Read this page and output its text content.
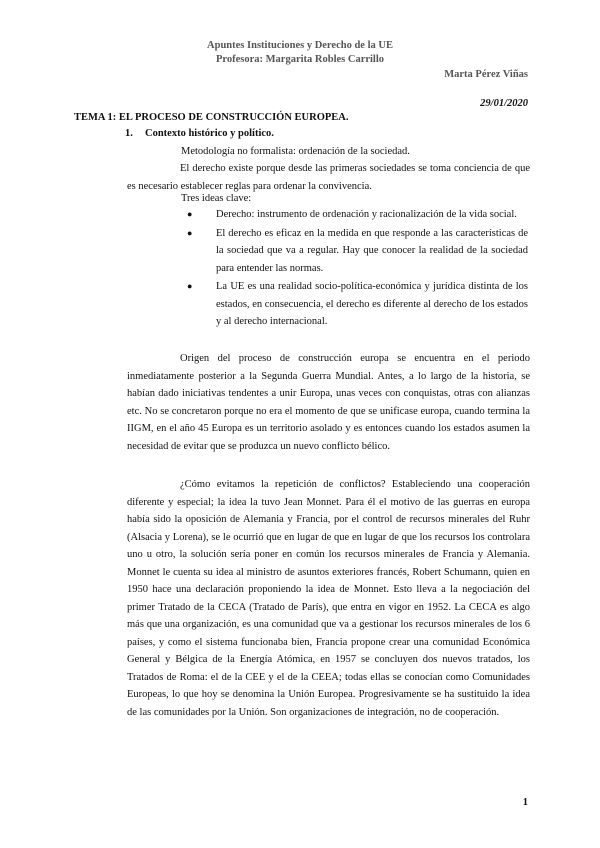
Apuntes Instituciones y Derecho de la UE
Profesora: Margarita Robles Carrillo
Marta Pérez Viñas
29/01/2020
TEMA 1: EL PROCESO DE CONSTRUCCIÓN EUROPEA.
1. Contexto histórico y político.

Metodología no formalista: ordenación de la sociedad.

El derecho existe porque desde las primeras sociedades se toma conciencia de que es necesario establecer reglas para ordenar la convivencia.

Tres ideas clave:

● Derecho: instrumento de ordenación y racionalización de la vida social.
● El derecho es eficaz en la medida en que responde a las características de la sociedad que va a regular. Hay que conocer la realidad de la sociedad para entender las normas.
● La UE es una realidad socio-política-económica y jurídica distinta de los estados, en consecuencia, el derecho es diferente al derecho de los estados y al derecho internacional.

Origen del proceso de construcción europa se encuentra en el periodo inmediatamente posterior a la Segunda Guerra Mundial. Antes, a lo largo de la historia, se habían dado iniciativas tendentes a unir Europa, unas veces con conquistas, otras con alianzas etc. No se concretaron porque no era el momento de que se unificase europa, cuando termina la IIGM, en el año 45 Europa es un territorio asolado y es entonces cuando los estados asumen la necesidad de evitar que se produzca un nuevo conflicto bélico.

¿Cómo evitamos la repetición de conflictos? Estableciendo una cooperación diferente y especial; la idea la tuvo Jean Monnet. Para él el motivo de las guerras en europa había sido la oposición de Alemania y Francia, por el control de recursos minerales del Ruhr (Alsacia y Lorena), se le ocurrió que en lugar de que en lugar de que los recursos los controlara uno u otro, la solución sería poner en común los recursos minerales de Francia y Alemania. Monnet le cuenta su idea al ministro de asuntos exteriores francés, Robert Schumann, quien en 1950 hace una declaración proponiendo la idea de Monnet. Esto lleva a la negociación del primer Tratado de la CECA (Tratado de París), que entra en vigor en 1952. La CECA es algo más que una organización, es una comunidad que va a gestionar los recursos minerales de los 6 países, y como el sistema funcionaba bien, Francia propone crear una comunidad Económica General y Bélgica de la Energía Atómica, en 1957 se concluyen dos nuevos tratados, los Tratados de Roma: el de la CEE y el de la CEEA; todas ellas se conocían como Comunidades Europeas, lo que hoy se denomina la Unión Europea. Progresivamente se ha sustituido la idea de las comunidades por la Unión. Son organizaciones de integración, no de cooperación.

1
